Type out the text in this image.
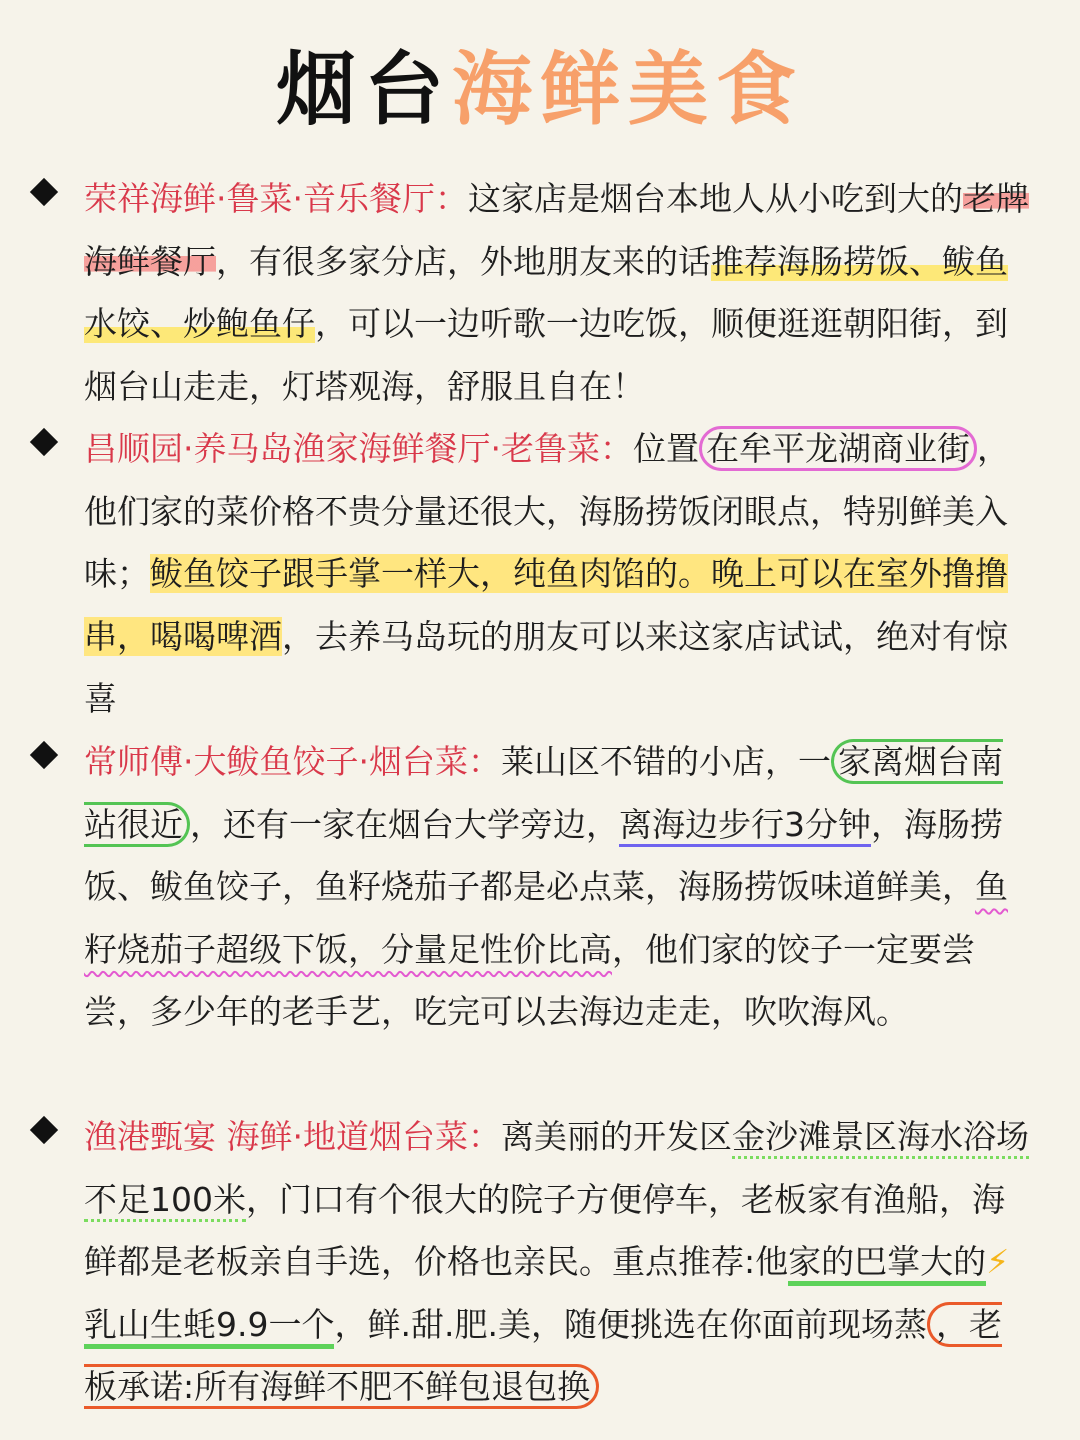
烟台海鲜美食
荣祥海鲜·鲁菜·音乐餐厅：这家店是烟台本地人从小吃到大的老牌海鲜餐厅，有很多家分店，外地朋友来的话推荐海肠捞饭、鲅鱼水饺、炒鲍鱼仔，可以一边听歌一边吃饭，顺便逛逛朝阳街，到烟台山走走，灯塔观海，舒服且自在！
昌顺园·养马岛渔家海鲜餐厅·老鲁菜：位置 在牟平龙湖商业街 ，他们家的菜价格不贵分量还很大，海肠捞饭闭眼点，特别鲜美入味；鲅鱼饺子跟手掌一样大，纯鱼肉馅的。晚上可以在室外撸撸串，喝喝啤酒，去养马岛玩的朋友可以来这家店试试，绝对有惊喜
常师傅·大鲅鱼饺子·烟台菜：莱山区不错的小店，一 家离烟台南站很近 ，还有一家在烟台大学旁边，离海边步行3分钟，海肠捞饭、鲅鱼饺子，鱼籽烧茄子都是必点菜，海肠捞饭味道鲜美，鱼籽烧茄子超级下饭，分量足性价比高，他们家的饺子一定要尝尝，多少年的老手艺，吃完可以去海边走走，吹吹海风。
渔港甄宴 海鲜·地道烟台菜：离美丽的开发区金沙滩景区海水浴场不足100米，门口有个很大的院子方便停车，老板家有渔船，海鲜都是老板亲自手选，价格也亲民。重点推荐:他家的巴掌大的⚡乳山生蚝9.9一个，鲜.甜.肥.美，随便挑选在你面前现场蒸 ，老板承诺:所有海鲜不肥不鲜包退包换
